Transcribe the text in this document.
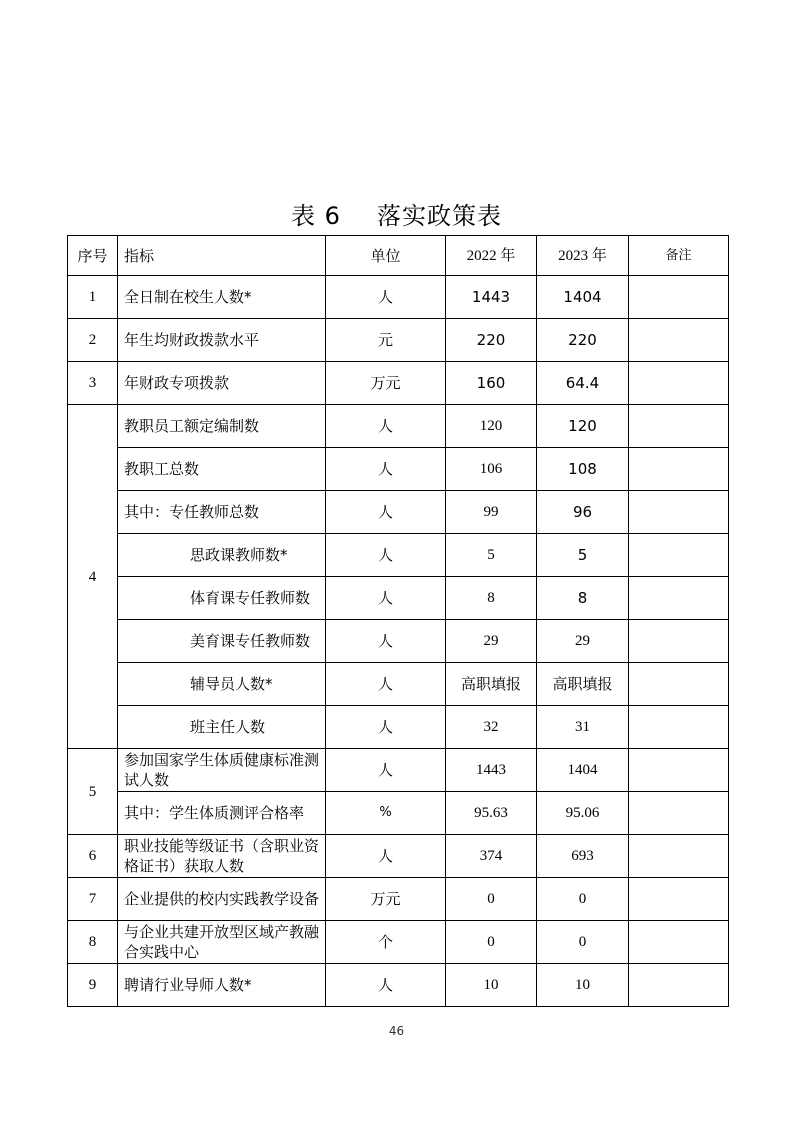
表 6 落实政策表
序号	指标	单位	2022 年	2023 年	备注
1	全日制在校生人数*	人	1443	1404	
2	年生均财政拨款水平	元	220	220	
3	年财政专项拨款	万元	160	64.4	
4	教职员工额定编制数	人	120	120	
	教职工总数	人	106	108	
	其中：专任教师总数	人	99	96	
	思政课教师数*	人	5	5	
	体育课专任教师数	人	8	8	
	美育课专任教师数	人	29	29	
	辅导员人数*	人	高职填报	高职填报	
	班主任人数	人	32	31	
5	参加国家学生体质健康标准测试人数	人	1443	1404	
	其中：学生体质测评合格率	%	95.63	95.06	
6	职业技能等级证书（含职业资格证书）获取人数	人	374	693	
7	企业提供的校内实践教学设备	万元	0	0	
8	与企业共建开放型区域产教融合实践中心	个	0	0	
9	聘请行业导师人数*	人	10	10	
46
